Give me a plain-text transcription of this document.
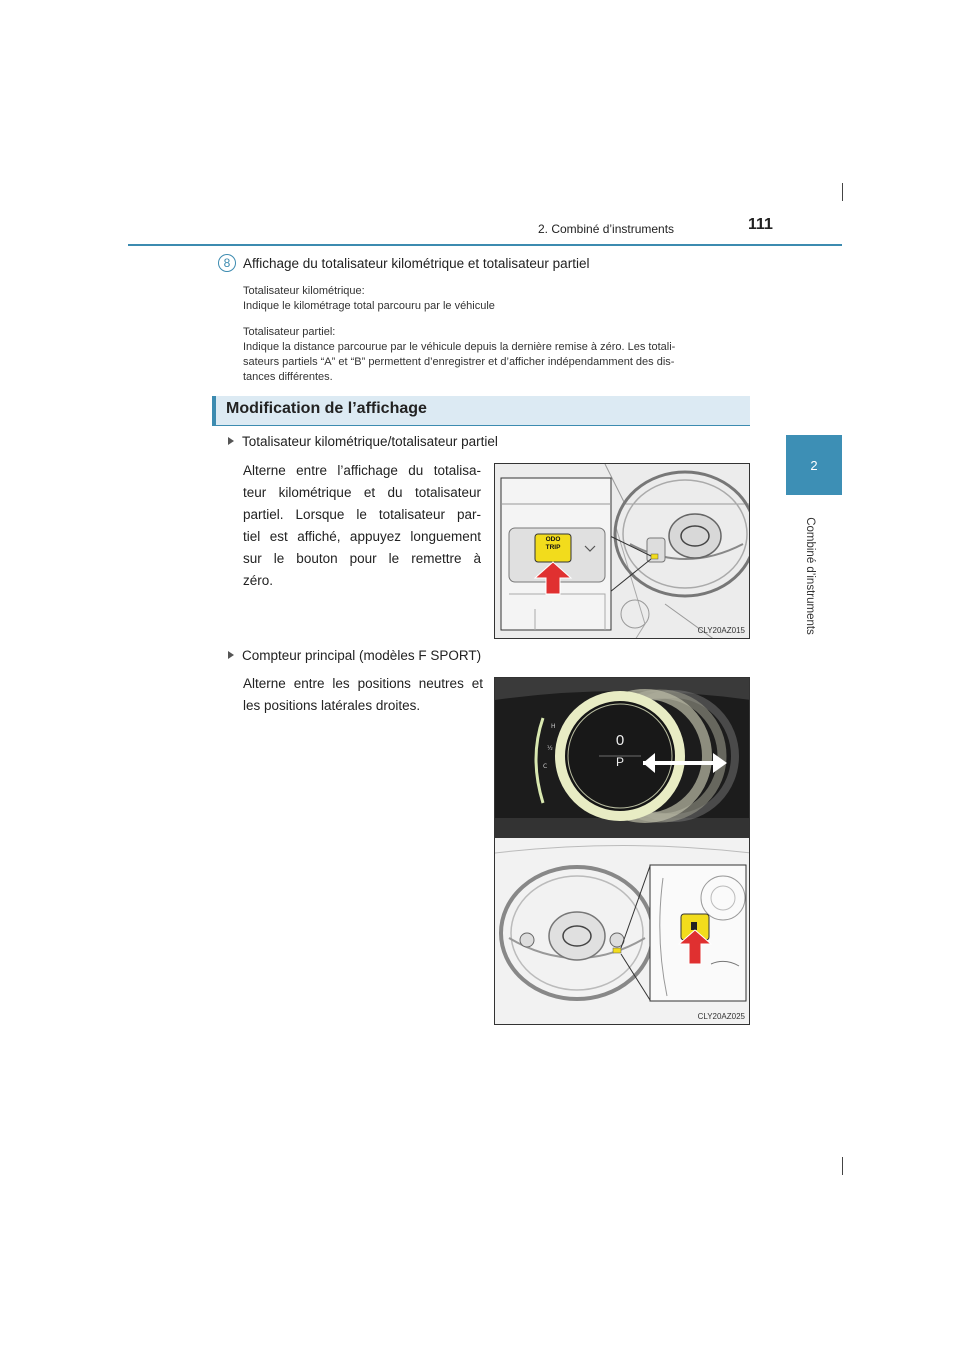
2. Combiné d’instruments	111
2
Combiné d’instruments
8 Affichage du totalisateur kilométrique et totalisateur partiel
Totalisateur kilométrique:
Indique le kilométrage total parcouru par le véhicule
Totalisateur partiel:
Indique la distance parcourue par le véhicule depuis la dernière remise à zéro. Les totali-
sateurs partiels “A” et “B” permettent d’enregistrer et d’afficher indépendamment des dis-
tances différentes.
Modification de l’affichage
Totalisateur kilométrique/totalisateur partiel
Alterne entre l’affichage du totalisa-
teur kilométrique et du totalisateur
partiel. Lorsque le totalisateur par-
tiel est affiché, appuyez longuement
sur le bouton pour le remettre à
zéro.
ODO
TRIP
CLY20AZ015
Compteur principal (modèles F SPORT)
Alterne entre les positions neutres et
les positions latérales droites.
H
½
C
0
P
CLY20AZ025
